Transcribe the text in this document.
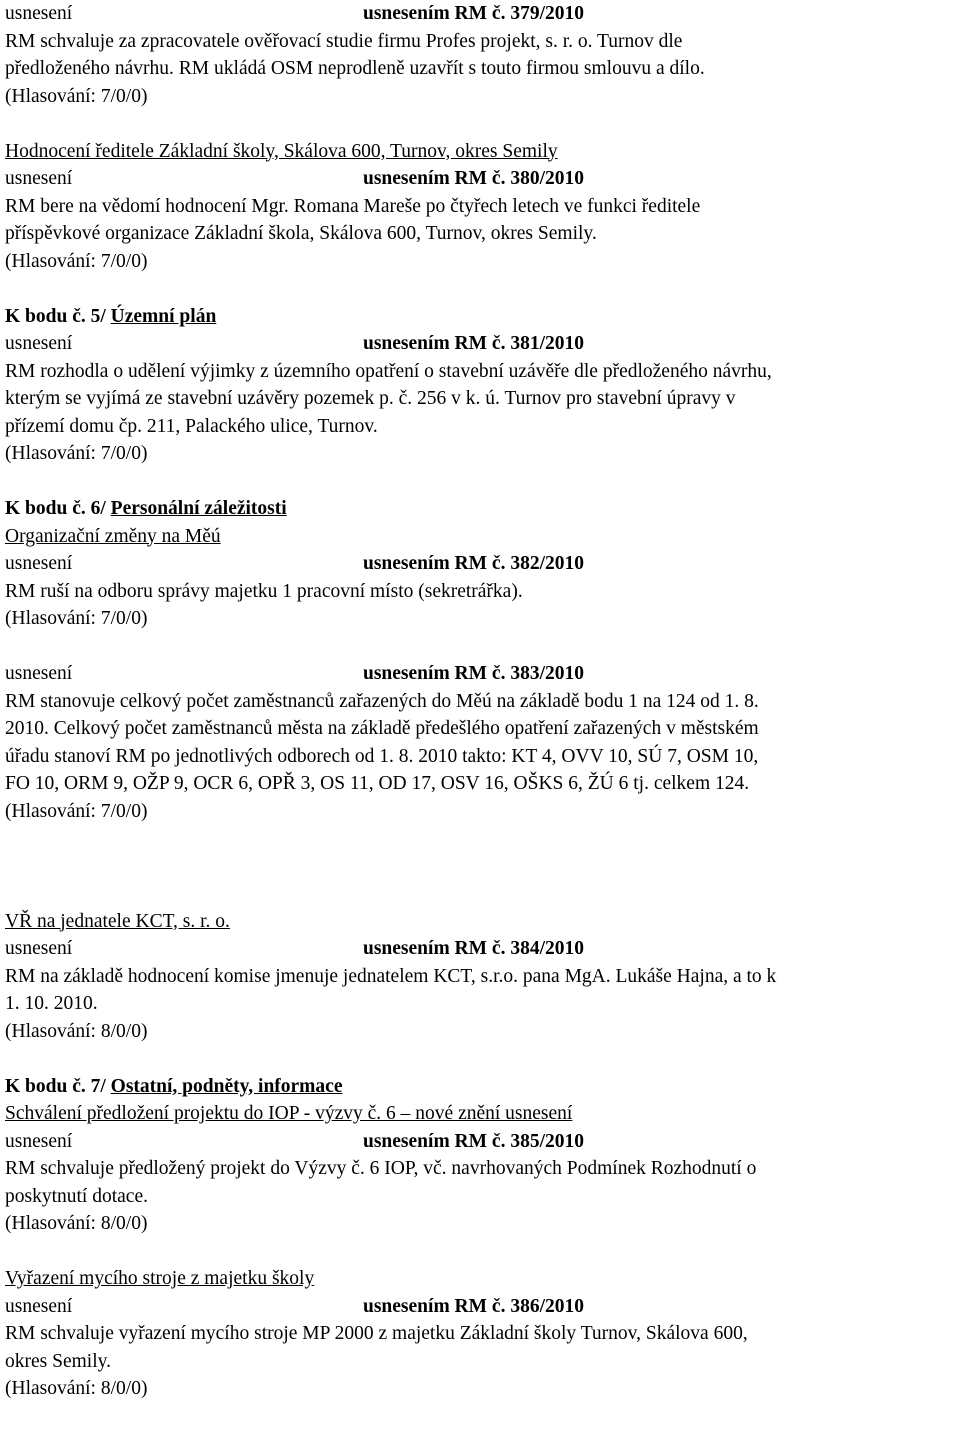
usnesení	usnesením RM č. 379/2010
RM schvaluje za zpracovatele ověřovací studie firmu Profes projekt, s. r. o. Turnov dle
předloženého návrhu. RM ukládá OSM neprodleně uzavřít s touto firmou smlouvu a dílo.
(Hlasování: 7/0/0)
Hodnocení ředitele Základní školy, Skálova 600, Turnov, okres Semily
usnesení	usnesením RM č. 380/2010
RM bere na vědomí hodnocení Mgr. Romana Mareše po čtyřech letech ve funkci ředitele
příspěvkové organizace Základní škola, Skálova 600, Turnov, okres Semily.
(Hlasování: 7/0/0)
K bodu č. 5/ Územní plán
usnesení	usnesením RM č. 381/2010
RM rozhodla o udělení výjimky z územního opatření o stavební uzávěře dle předloženého návrhu,
kterým se vyjímá ze stavební uzávěry pozemek p. č. 256 v k. ú. Turnov pro stavební úpravy v
přízemí domu čp. 211, Palackého ulice, Turnov.
(Hlasování: 7/0/0)
K bodu č. 6/ Personální záležitosti
Organizační změny na Měú
usnesení	usnesením RM č. 382/2010
RM ruší na odboru správy majetku 1 pracovní místo (sekretrářka).
(Hlasování: 7/0/0)
usnesení	usnesením RM č. 383/2010
RM stanovuje celkový počet zaměstnanců zařazených do Měú na základě bodu 1 na 124 od 1. 8.
2010. Celkový počet zaměstnanců města na základě předešlého opatření zařazených v městském
úřadu stanoví RM po jednotlivých odborech od 1. 8. 2010 takto: KT 4, OVV 10, SÚ 7, OSM 10,
FO 10, ORM 9, OŽP 9, OCR 6, OPŘ 3, OS 11, OD 17, OSV 16, OŠKS 6, ŽÚ 6 tj. celkem 124.
(Hlasování: 7/0/0)
VŘ na jednatele KCT, s. r. o.
usnesení	usnesením RM č. 384/2010
RM na základě hodnocení komise jmenuje jednatelem KCT, s.r.o. pana MgA. Lukáše Hajna, a to k
1. 10. 2010.
(Hlasování: 8/0/0)
K bodu č. 7/ Ostatní, podněty, informace
Schválení předložení projektu do IOP - výzvy č. 6 – nové znění usnesení
usnesení	usnesením RM č. 385/2010
RM schvaluje předložený projekt do Výzvy č. 6 IOP, vč. navrhovaných Podmínek Rozhodnutí o
poskytnutí dotace.
(Hlasování: 8/0/0)
Vyřazení mycího stroje z majetku školy
usnesení	usnesením RM č. 386/2010
RM schvaluje vyřazení mycího stroje MP 2000 z majetku Základní školy Turnov, Skálova 600,
okres Semily.
(Hlasování: 8/0/0)
